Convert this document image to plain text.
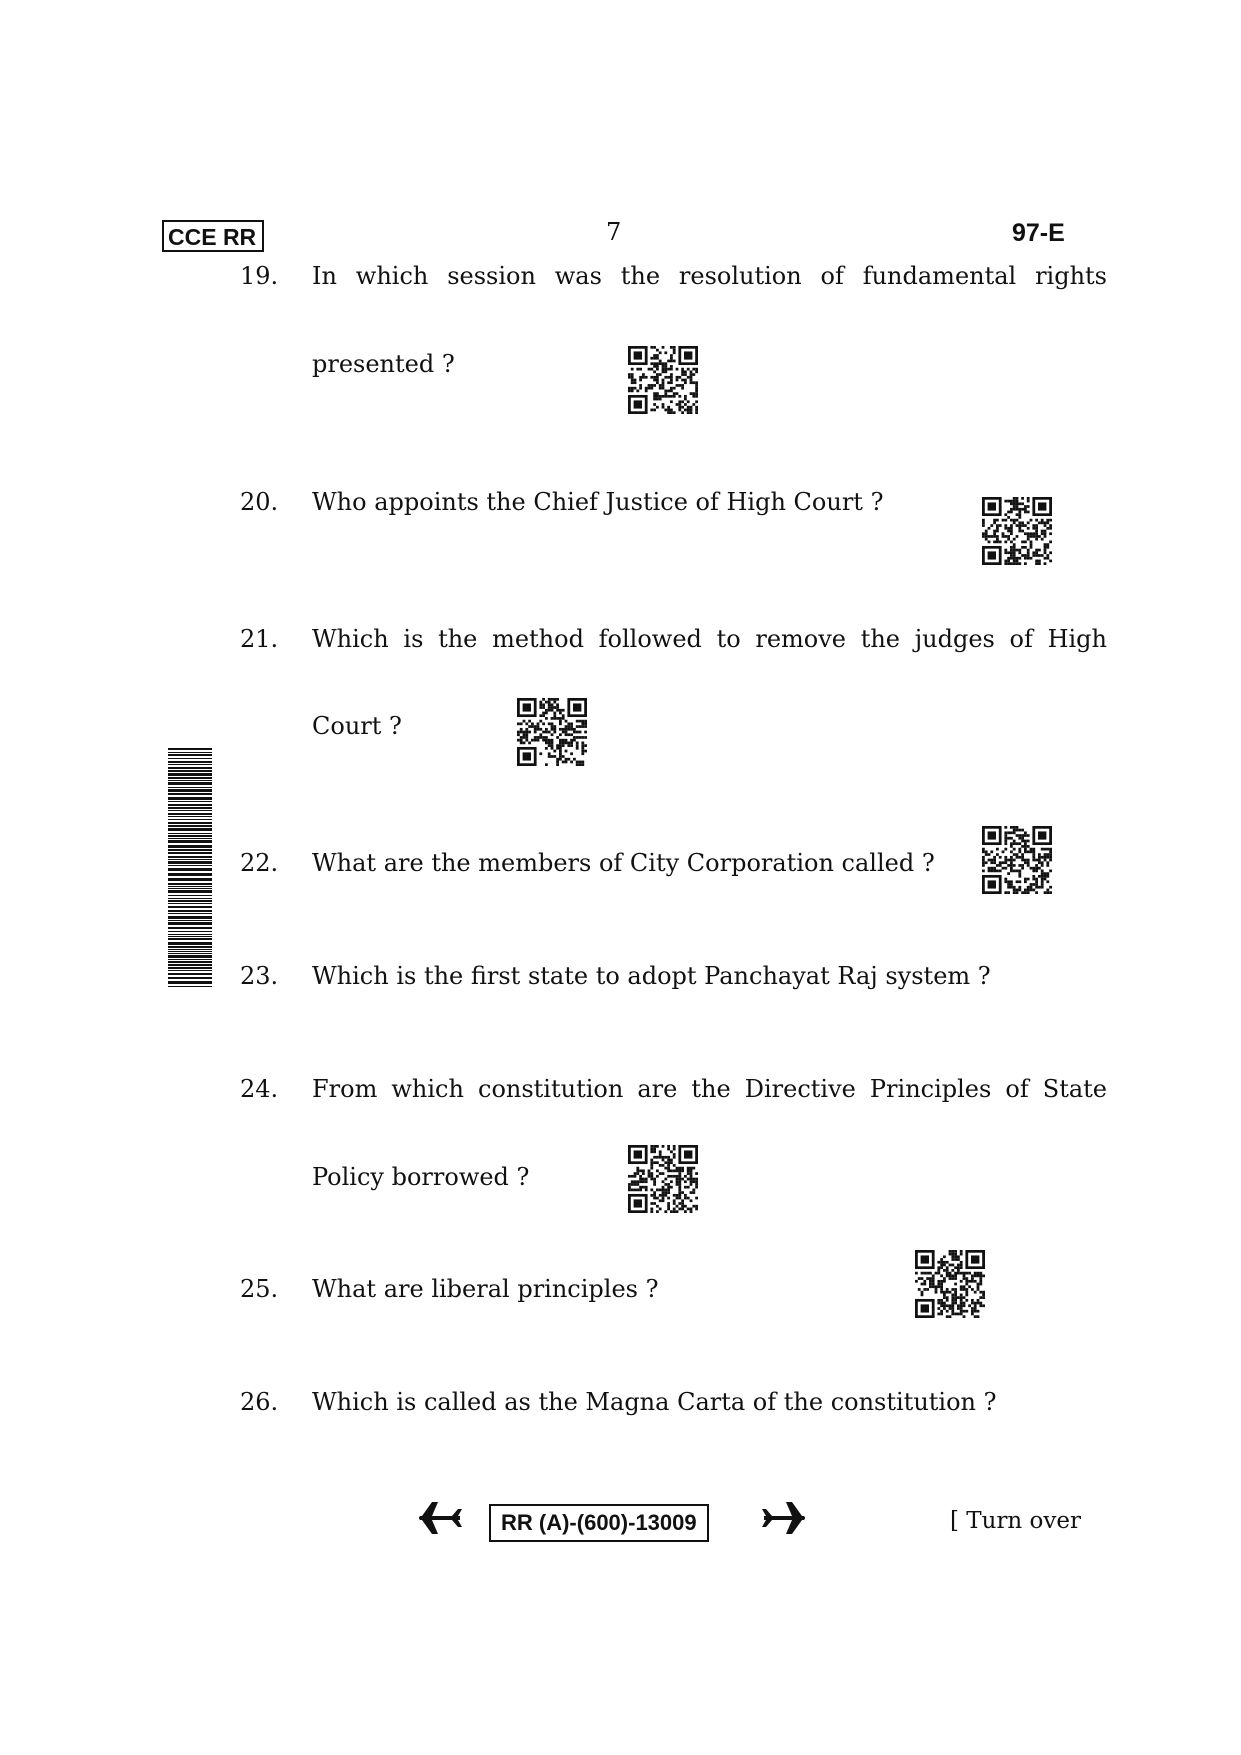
CCE RR	7	97-E
19.	In which session was the resolution of fundamental rights
presented ?
20.	Who appoints the Chief Justice of High Court ?
21.	Which is the method followed to remove the judges of High
Court ?
22.	What are the members of City Corporation called ?
23.	Which is the first state to adopt Panchayat Raj system ?
24.	From which constitution are the Directive Principles of State
Policy borrowed ?
25.	What are liberal principles ?
26.	Which is called as the Magna Carta of the constitution ?
RR (A)-(600)-13009	[ Turn over
